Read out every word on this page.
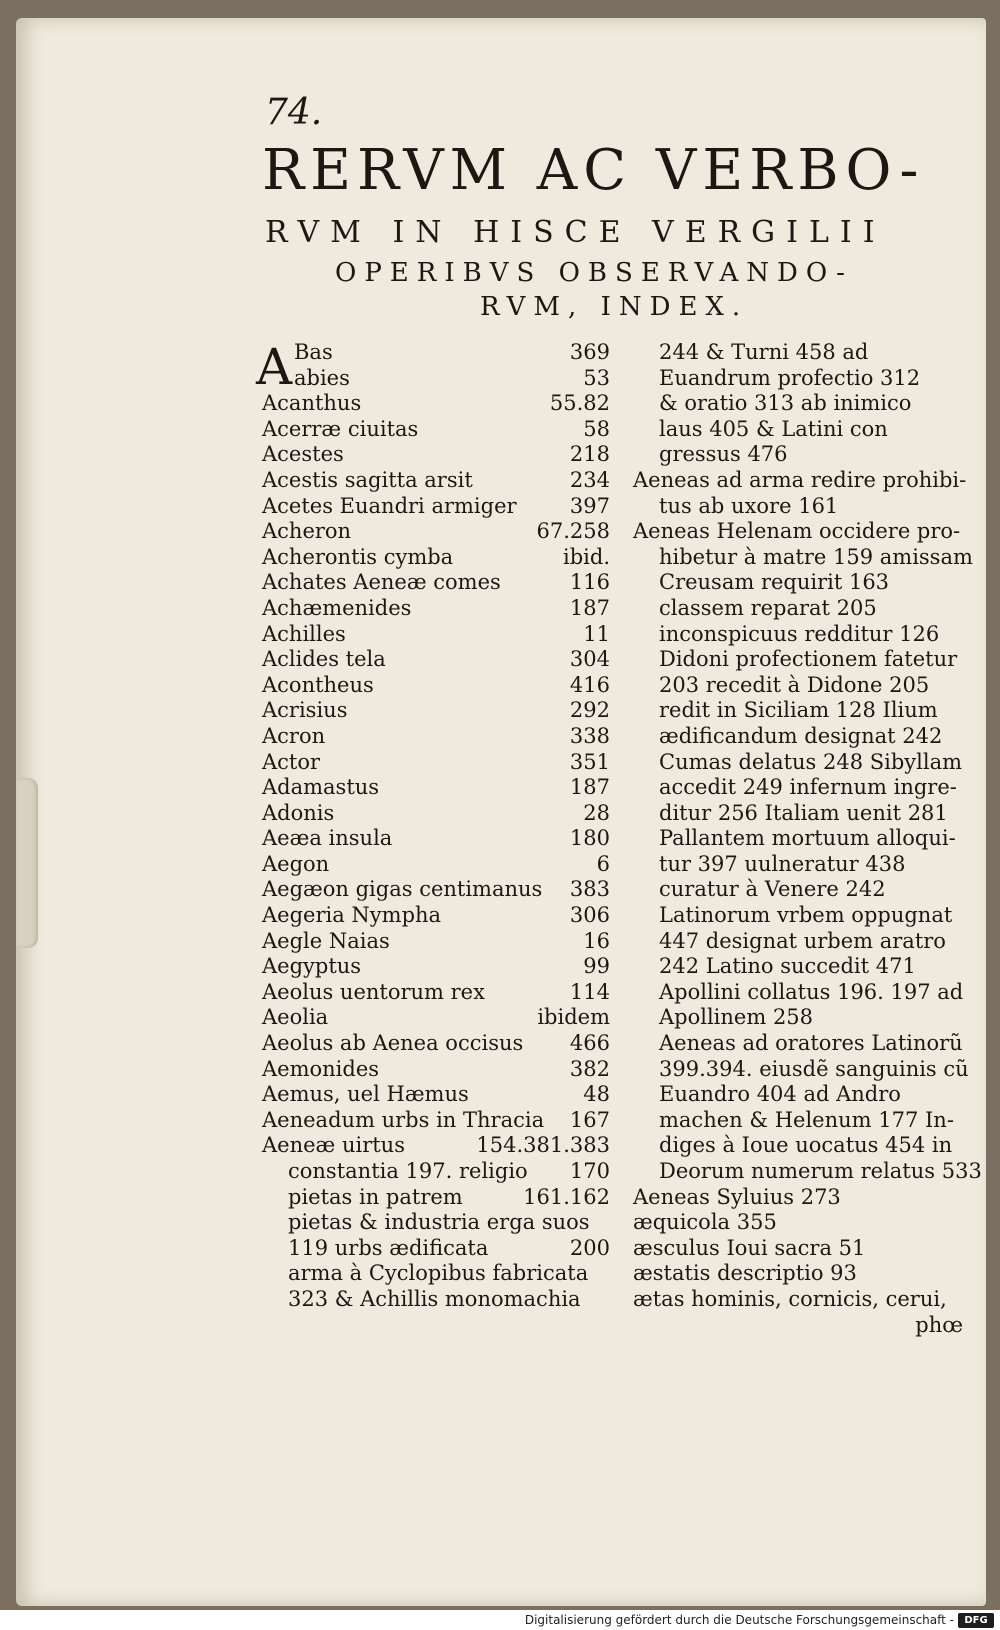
74.
RERVM AC VERBO-
RVM IN HISCE VERGILII
OPERIBVS OBSERVANDO-
RVM, INDEX.
A Bas	369
abies	53
Acanthus	55.82
Acerræ ciuitas	58
Acestes	218
Acestis sagitta arsit	234
Acetes Euandri armiger	397
Acheron	67.258
Acherontis cymba	ibid.
Achates Aeneæ comes	116
Achæmenides	187
Achilles	11
Aclides tela	304
Acontheus	416
Acrisius	292
Acron	338
Actor	351
Adamastus	187
Adonis	28
Aeæa insula	180
Aegon	6
Aegæon gigas centimanus 383
Aegeria Nympha	306
Aegle Naias	16
Aegyptus	99
Aeolus uentorum rex	114
Aeolia	ibidem
Aeolus ab Aenea occisus 466
Aemonides	382
Aemus, uel Hæmus	48
Aeneadum urbs in Thracia 167
Aeneæ uirtus	154.381.383
constantia 197. religio 170
pietas in patrem	161.162
pietas & industria erga suos
119 urbs ædificata	200
arma à Cyclopibus fabricata
323 & Achillis monomachia
244 & Turni 458 ad
Euandrum profectio 312
& oratio 313 ab inimico
laus 405 & Latini con
gressus 476
Aeneas ad arma redire prohibi-
tus ab uxore 161
Aeneas Helenam occidere pro-
hibetur à matre 159 amissam
Creusam requirit 163
classem reparat 205
inconspicuus redditur 126
Didoni profectionem fatetur
203 recedit à Didone 205
redit in Siciliam 128 Ilium
ædificandum designat 242
Cumas delatus 248 Sibyllam
accedit 249 infernum ingre-
ditur 256 Italiam uenit 281
Pallantem mortuum alloqui-
tur 397 uulneratur 438
curatur à Venere 242
Latinorum vrbem oppugnat
447 designat urbem aratro
242 Latino succedit 471
Apollini collatus 196. 197 ad
Apollinem 258
Aeneas ad oratores Latinorũ
399.394. eiusdẽ sanguinis cũ
Euandro 404 ad Andro
machen & Helenum 177 In-
diges à Ioue uocatus 454 in
Deorum numerum relatus 533
Aeneas Syluius 273
æquicola 355
æsculus Ioui sacra 51
æstatis descriptio 93
ætas hominis, cornicis, cerui,
phœ
Digitalisierung gefördert durch die Deutsche Forschungsgemeinschaft -	DFG
